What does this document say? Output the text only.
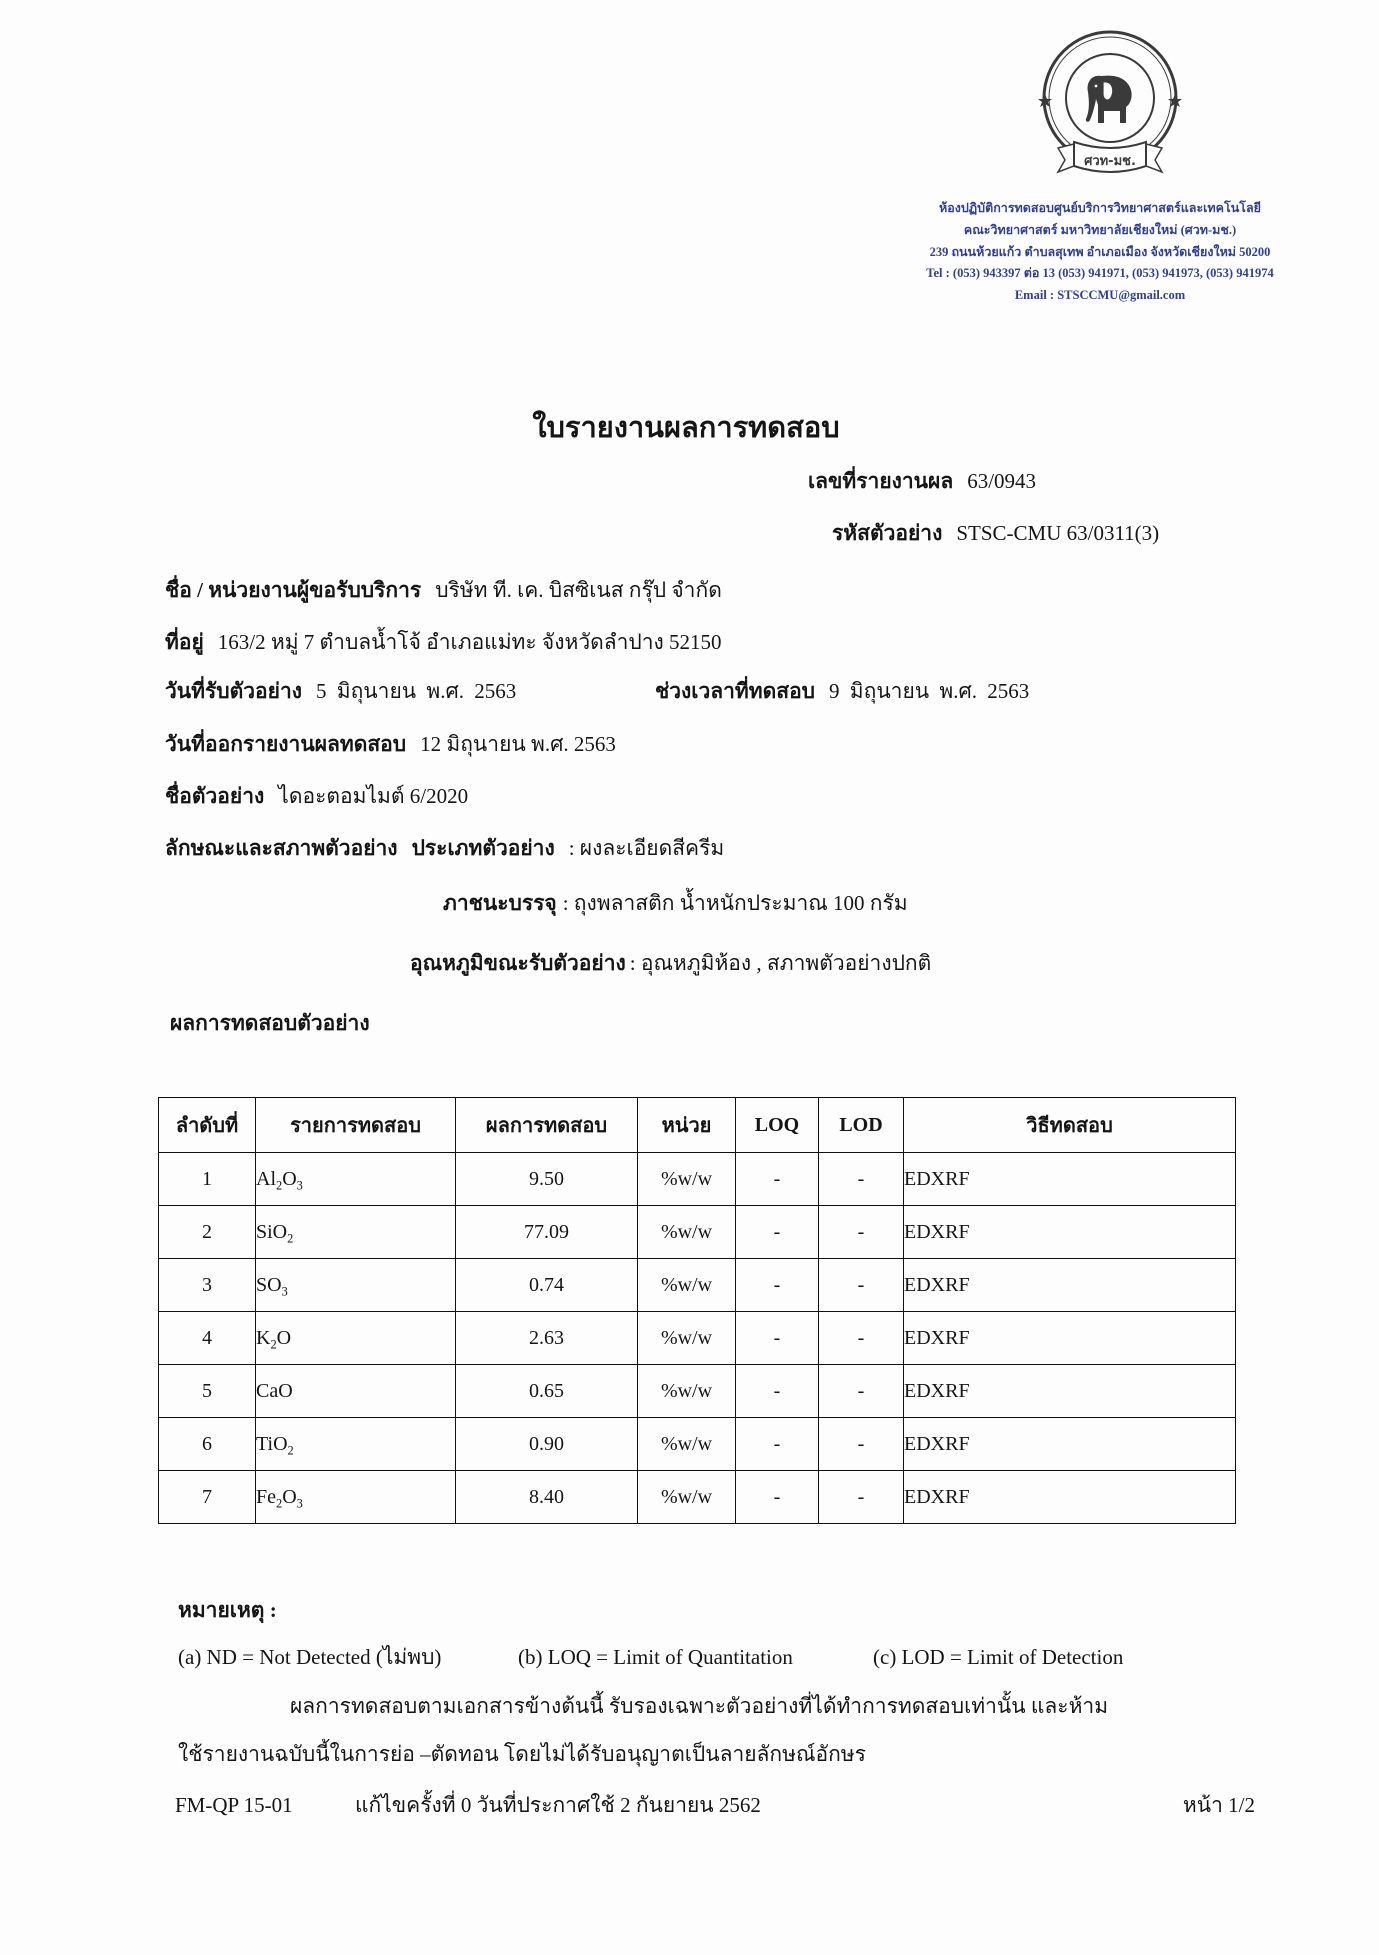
ศวท-มช.
ห้องปฏิบัติการทดสอบศูนย์บริการวิทยาศาสตร์และเทคโนโลยี
คณะวิทยาศาสตร์ มหาวิทยาลัยเชียงใหม่ (ศวท-มช.)
239 ถนนห้วยแก้ว ตำบลสุเทพ อำเภอเมือง จังหวัดเชียงใหม่ 50200
Tel : (053) 943397 ต่อ 13 (053) 941971, (053) 941973, (053) 941974
Email : STSCCMU@gmail.com
ใบรายงานผลการทดสอบ
เลขที่รายงานผล 63/0943
รหัสตัวอย่าง STSC-CMU 63/0311(3)
ชื่อ / หน่วยงานผู้ขอรับบริการ บริษัท ที. เค. บิสซิเนส กรุ๊ป จำกัด
ที่อยู่ 163/2 หมู่ 7 ตำบลน้ำโจ้ อำเภอแม่ทะ จังหวัดลำปาง 52150
วันที่รับตัวอย่าง 5 มิถุนายน พ.ศ. 2563	ช่วงเวลาที่ทดสอบ 9 มิถุนายน พ.ศ. 2563
วันที่ออกรายงานผลทดสอบ 12 มิถุนายน พ.ศ. 2563
ชื่อตัวอย่าง ไดอะตอมไมต์ 6/2020
ลักษณะและสภาพตัวอย่าง ประเภทตัวอย่าง : ผงละเอียดสีครีม
ภาชนะบรรจุ : ถุงพลาสติก น้ำหนักประมาณ 100 กรัม
อุณหภูมิขณะรับตัวอย่าง : อุณหภูมิห้อง , สภาพตัวอย่างปกติ
ผลการทดสอบตัวอย่าง
ลำดับที่	รายการทดสอบ	ผลการทดสอบ	หน่วย	LOQ	LOD	วิธีทดสอบ
1	$Al_2O_3$	9.50	%w/w	-	-	EDXRF
2	SiO$_2$	77.09	%w/w	-	-	EDXRF
3	$SO_3$	0.74	%w/w	-	-	EDXRF
4	$K_2O$	2.63	%w/w	-	-	EDXRF
5	CaO	0.65	%w/w	-	-	EDXRF
6	TiO$_2$	0.90	%w/w	-	-	EDXRF
7	$Fe_2O_3$	8.40	%w/w	-	-	EDXRF
หมายเหตุ :
(a) ND = Not Detected (ไม่พบ)	(b) LOQ = Limit of Quantitation	(c) LOD = Limit of Detection
ผลการทดสอบตามเอกสารข้างต้นนี้ รับรองเฉพาะตัวอย่างที่ได้ทำการทดสอบเท่านั้น และห้าม
ใช้รายงานฉบับนี้ในการย่อ –ตัดทอน โดยไม่ได้รับอนุญาตเป็นลายลักษณ์อักษร
FM-QP 15-01	แก้ไขครั้งที่ 0 วันที่ประกาศใช้ 2 กันยายน 2562	หน้า 1/2
